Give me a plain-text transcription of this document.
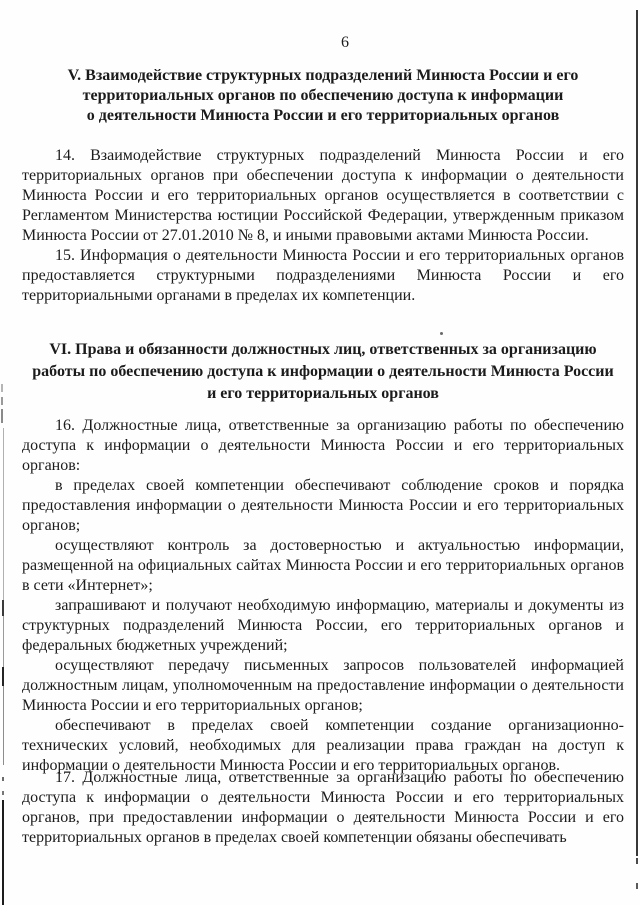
6
V. Взаимодействие структурных подразделений Минюста России и его
территориальных органов по обеспечению доступа к информации
о деятельности Минюста России и его территориальных органов

14. Взаимодействие структурных подразделений Минюста России и его территориальных органов при обеспечении доступа к информации о деятельности Минюста России и его территориальных органов осуществляется в соответствии с Регламентом Министерства юстиции Российской Федерации, утвержденным приказом Минюста России от 27.01.2010 № 8, и иными правовыми актами Минюста России.

15. Информация о деятельности Минюста России и его территориальных органов предоставляется структурными подразделениями Минюста России и его территориальными органами в пределах их компетенции.

VI. Права и обязанности должностных лиц, ответственных за организацию
работы по обеспечению доступа к информации о деятельности Минюста России
и его территориальных органов

16. Должностные лица, ответственные за организацию работы по обеспечению доступа к информации о деятельности Минюста России и его территориальных органов:

в пределах своей компетенции обеспечивают соблюдение сроков и порядка предоставления информации о деятельности Минюста России и его территориальных органов;

осуществляют контроль за достоверностью и актуальностью информации, размещенной на официальных сайтах Минюста России и его территориальных органов в сети «Интернет»;

запрашивают и получают необходимую информацию, материалы и документы из структурных подразделений Минюста России, его территориальных органов и федеральных бюджетных учреждений;

осуществляют передачу письменных запросов пользователей информацией должностным лицам, уполномоченным на предоставление информации о деятельности Минюста России и его территориальных органов;

обеспечивают в пределах своей компетенции создание организационно-технических условий, необходимых для реализации права граждан на доступ к информации о деятельности Минюста России и его территориальных органов.

17. Должностные лица, ответственные за организацию работы по обеспечению доступа к информации о деятельности Минюста России и его территориальных органов, при предоставлении информации о деятельности Минюста России и его территориальных органов в пределах своей компетенции обязаны обеспечивать
